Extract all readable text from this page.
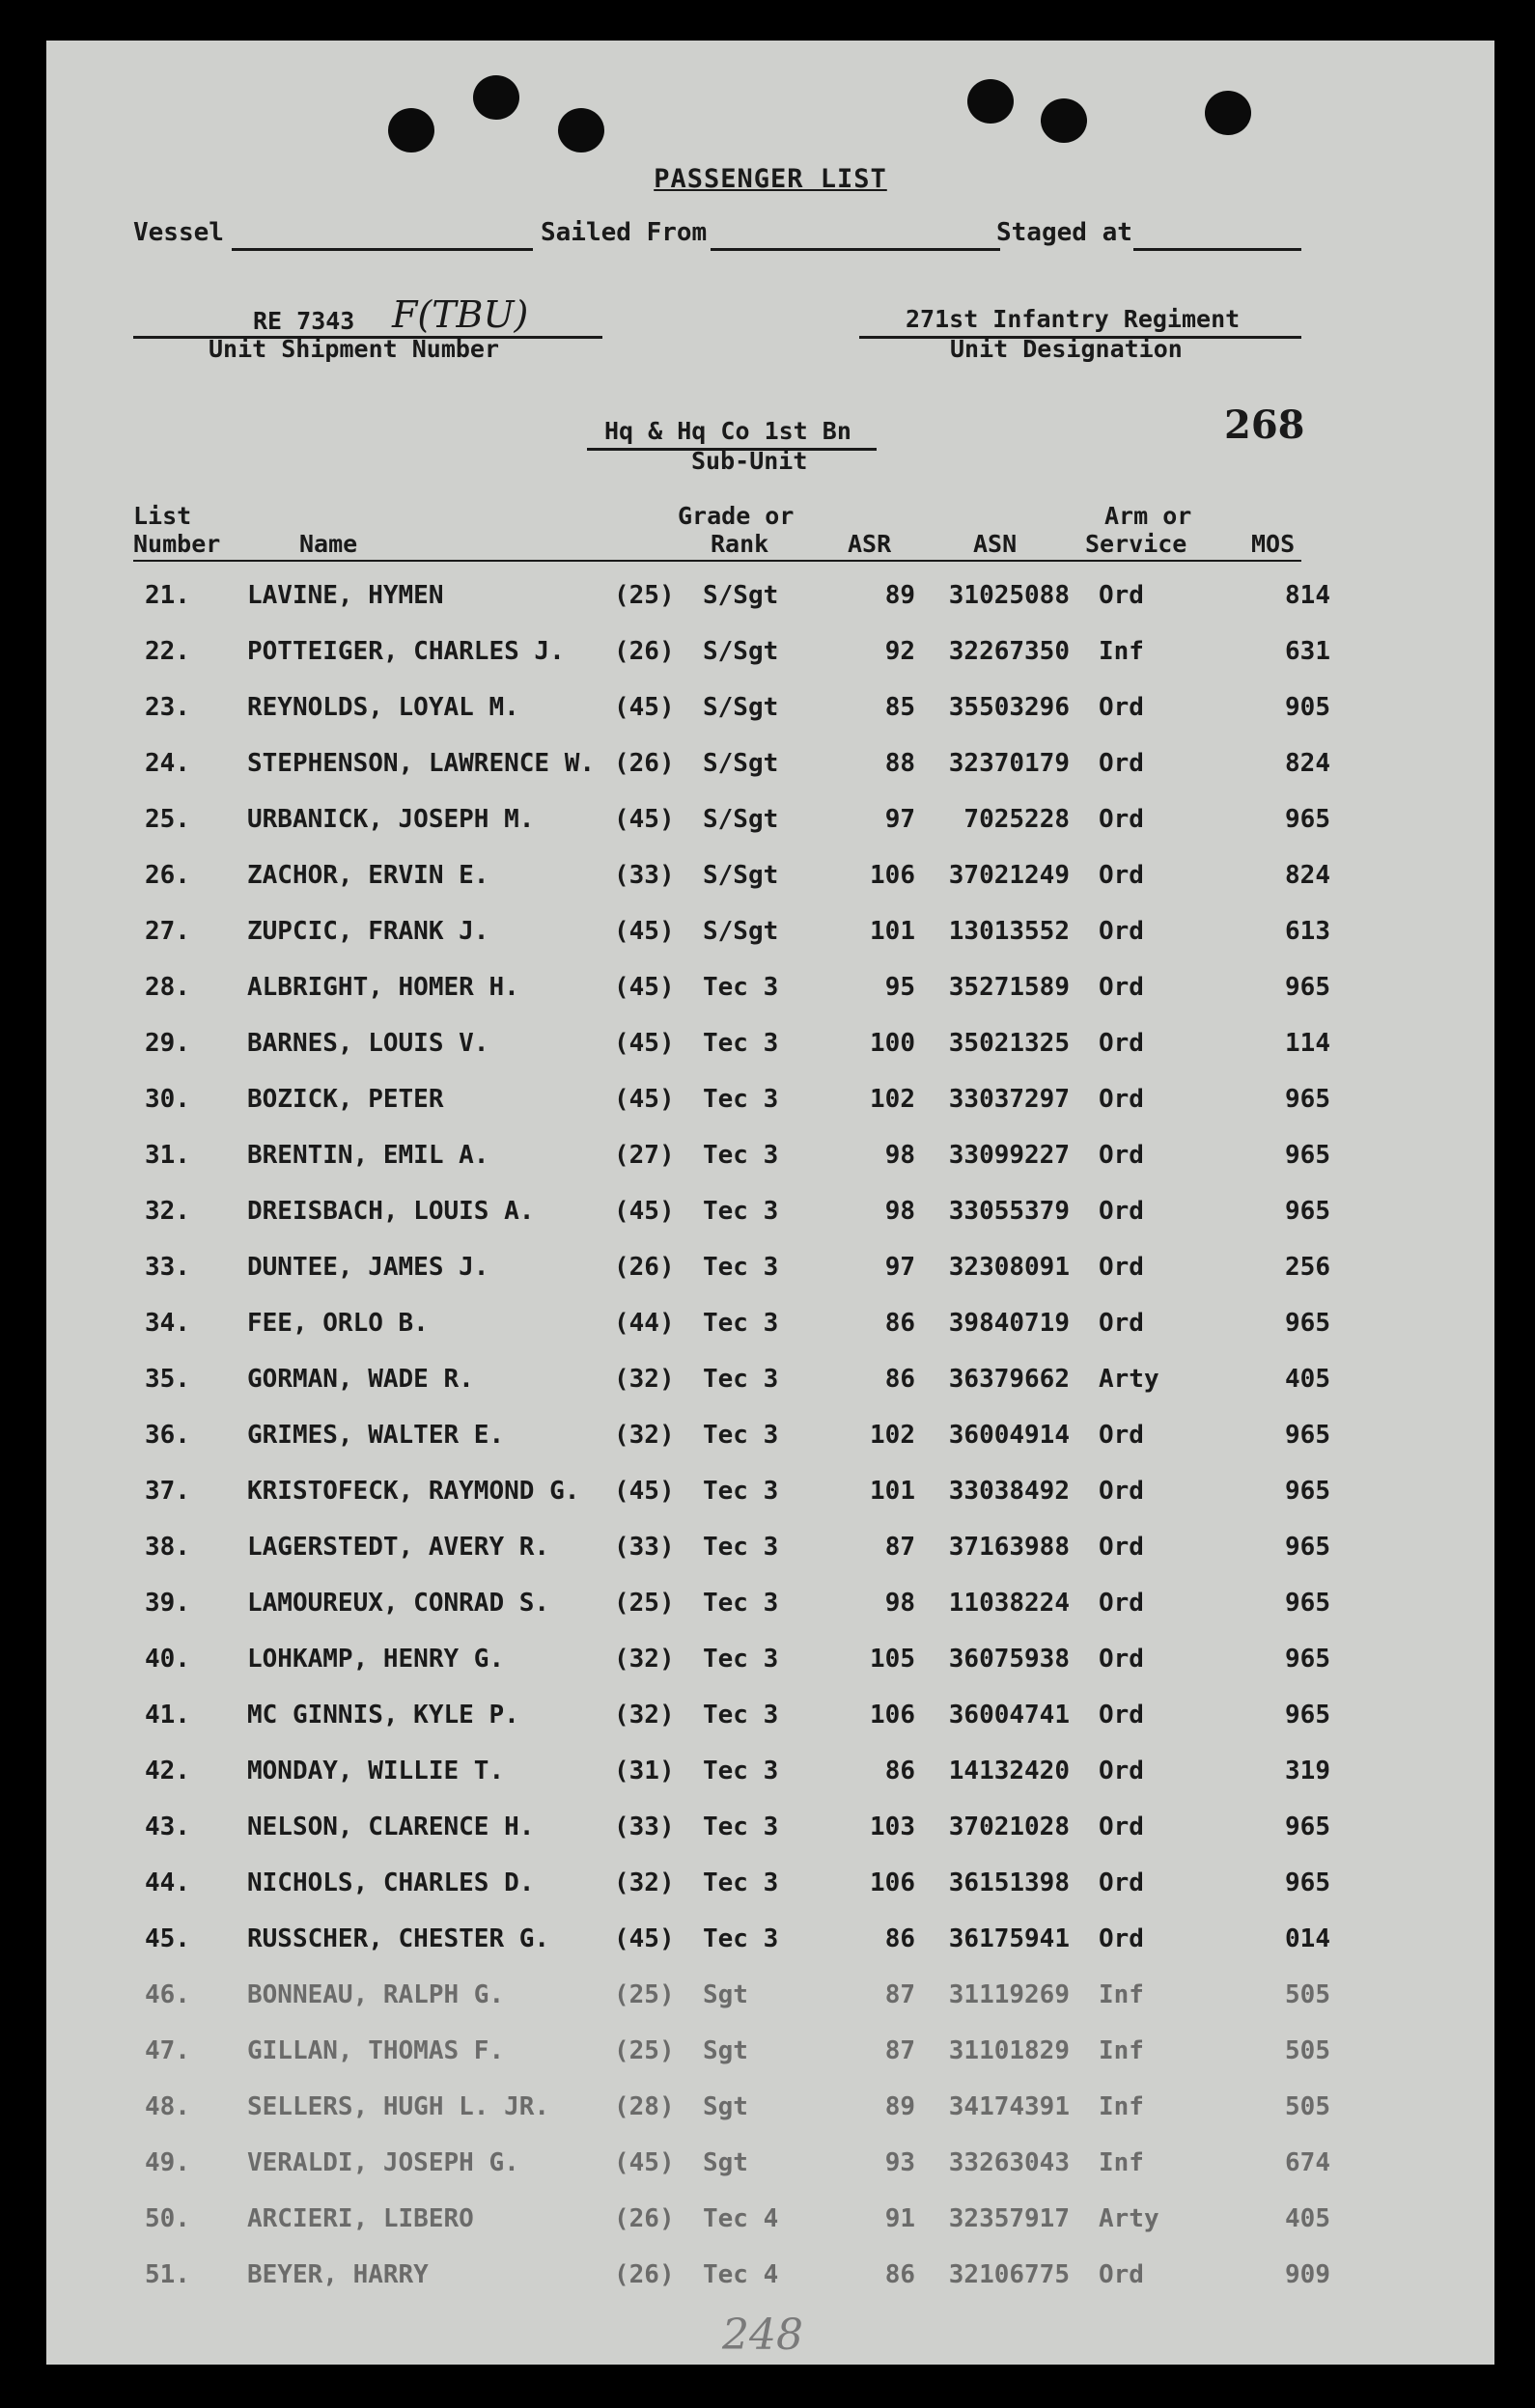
PASSENGER LIST
Vessel	Sailed From	Staged at
RE 7343 F(TBU)
Unit Shipment Number
271st Infantry Regiment
Unit Designation
Hq & Hq Co 1st Bn
Sub-Unit
268
List
Number	Name
Grade or
Rank	ASR	ASN
Arm or
Service	MOS
21. LAVINE, HYMEN	(25) S/Sgt	89	31025088 Ord	814
22. POTTEIGER, CHARLES J. (26) S/Sgt	92	32267350 Inf	631
23. REYNOLDS, LOYAL M.	(45) S/Sgt	85	35503296 Ord	905
24. STEPHENSON, LAWRENCE W. (26) S/Sgt	88	32370179 Ord	824
25. URBANICK, JOSEPH M.	(45) S/Sgt	97	7025228 Ord	965
26. ZACHOR, ERVIN E.	(33) S/Sgt	106	37021249 Ord	824
27. ZUPCIC, FRANK J.	(45) S/Sgt	101	13013552 Ord	613
28. ALBRIGHT, HOMER H.	(45) Tec 3	95	35271589 Ord	965
29. BARNES, LOUIS V.	(45) Tec 3	100	35021325 Ord	114
30. BOZICK, PETER	(45) Tec 3	102	33037297 Ord	965
31. BRENTIN, EMIL A.	(27) Tec 3	98	33099227 Ord	965
32. DREISBACH, LOUIS A.	(45) Tec 3	98	33055379 Ord	965
33. DUNTEE, JAMES J.	(26) Tec 3	97	32308091 Ord	256
34. FEE, ORLO B.	(44) Tec 3	86	39840719 Ord	965
35. GORMAN, WADE R.	(32) Tec 3	86	36379662 Arty	405
36. GRIMES, WALTER E.	(32) Tec 3	102	36004914 Ord	965
37. KRISTOFECK, RAYMOND G. (45) Tec 3	101	33038492 Ord	965
38. LAGERSTEDT, AVERY R.	(33) Tec 3	87	37163988 Ord	965
39. LAMOUREUX, CONRAD S.	(25) Tec 3	98	11038224 Ord	965
40. LOHKAMP, HENRY G.	(32) Tec 3	105	36075938 Ord	965
41. MC GINNIS, KYLE P.	(32) Tec 3	106	36004741 Ord	965
42. MONDAY, WILLIE T.	(31) Tec 3	86	14132420 Ord	319
43. NELSON, CLARENCE H.	(33) Tec 3	103	37021028 Ord	965
44. NICHOLS, CHARLES D.	(32) Tec 3	106	36151398 Ord	965
45. RUSSCHER, CHESTER G.	(45) Tec 3	86	36175941 Ord	014
46. BONNEAU, RALPH G.	(25) Sgt	87	31119269 Inf	505
47. GILLAN, THOMAS F.	(25) Sgt	87	31101829 Inf	505
48. SELLERS, HUGH L. JR.	(28) Sgt	89	34174391 Inf	505
49. VERALDI, JOSEPH G.	(45) Sgt	93	33263043 Inf	674
50. ARCIERI, LIBERO	(26) Tec 4	91	32357917 Arty	405
51. BEYER, HARRY	(26) Tec 4	86	32106775 Ord	909
248
